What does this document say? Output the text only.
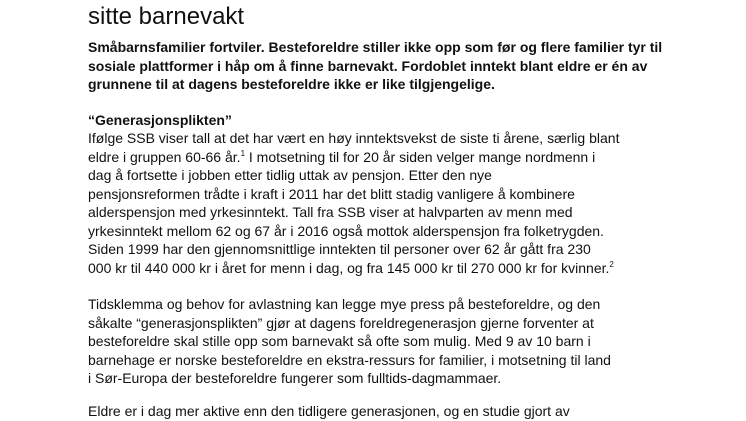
sitte barnevakt

Småbarnsfamilier fortviler. Besteforeldre stiller ikke opp som før og flere familier tyr til sosiale plattformer i håp om å finne barnevakt. Fordoblet inntekt blant eldre er én av grunnene til at dagens besteforeldre ikke er like tilgjengelige.

“Generasjonsplikten”

Ifølge SSB viser tall at det har vært en høy inntektsvekst de siste ti årene, særlig blant
eldre i gruppen 60-66 år.$^1$ I motsetning til for 20 år siden velger mange nordmenn i
dag å fortsette i jobben etter tidlig uttak av pensjon. Etter den nye
pensjonsreformen trådte i kraft i 2011 har det blitt stadig vanligere å kombinere
alderspensjon med yrkesinntekt. Tall fra SSB viser at halvparten av menn med
yrkesinntekt mellom 62 og 67 år i 2016 også mottok alderspensjon fra folketrygden.
Siden 1999 har den gjennomsnittlige inntekten til personer over 62 år gått fra 230
000 kr til 440 000 kr i året for menn i dag, og fra 145 000 kr til 270 000 kr for kvinner.$^2$

Tidsklemma og behov for avlastning kan legge mye press på besteforeldre, og den
såkalte “generasjonsplikten” gjør at dagens foreldregenerasjon gjerne forventer at
besteforeldre skal stille opp som barnevakt så ofte som mulig. Med 9 av 10 barn i
barnehage er norske besteforeldre en ekstra-ressurs for familier, i motsetning til land
i Sør-Europa der besteforeldre fungerer som fulltids-dagmammaer.

Eldre er i dag mer aktive enn den tidligere generasjonen, og en studie gjort av
